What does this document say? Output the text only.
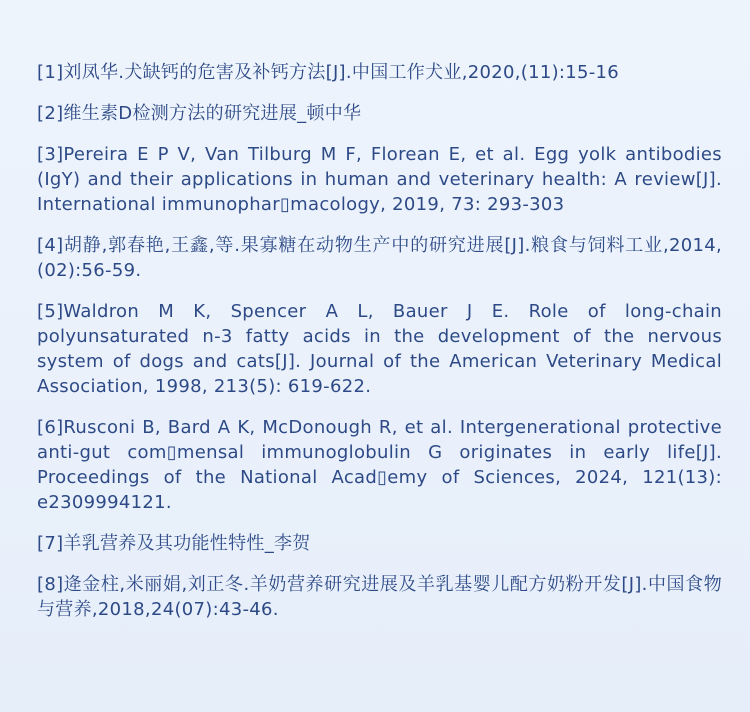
[1]刘凤华.犬缺钙的危害及补钙方法[J].中国工作犬业,2020,(11):15-16

[2]维生素D检测方法的研究进展_顿中华

[3]Pereira E P V, Van Tilburg M F, Florean E, et al. Egg yolk antibodies (IgY) and their applications in human and veterinary health: A review[J]. International immunophar▯macology, 2019, 73: 293-303

[4]胡静,郭春艳,王鑫,等.果寡糖在动物生产中的研究进展[J].粮食与饲料工业,2014,(02):56-59.

[5]Waldron M K, Spencer A L, Bauer J E. Role of long-chain polyunsaturated n-3 fatty acids in the development of the nervous system of dogs and cats[J]. Journal of the American Veterinary Medical Association, 1998, 213(5): 619-622.

[6]Rusconi B, Bard A K, McDonough R, et al. Intergenerational protective anti-gut com▯mensal immunoglobulin G originates in early life[J]. Proceedings of the National Acad▯emy of Sciences, 2024, 121(13): e2309994121.

[7]羊乳营养及其功能性特性_李贺

[8]逄金柱,米丽娟,刘正冬.羊奶营养研究进展及羊乳基婴儿配方奶粉开发[J].中国食物与营养,2018,24(07):43-46.
